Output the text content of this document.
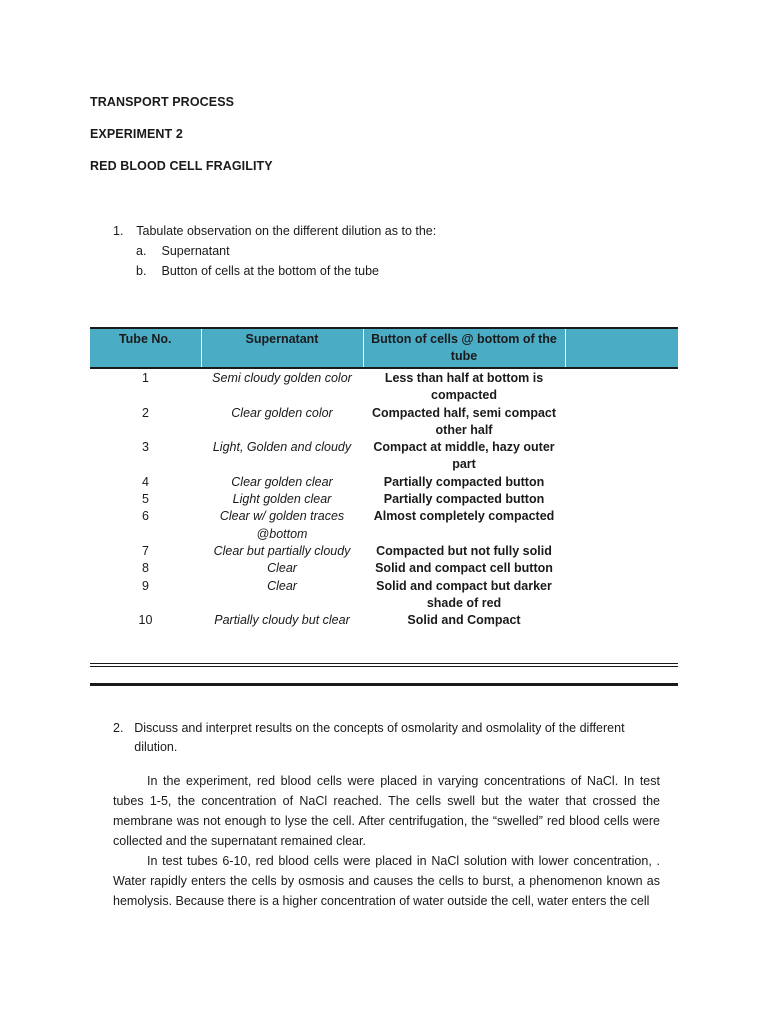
TRANSPORT PROCESS
EXPERIMENT 2
RED BLOOD CELL FRAGILITY
1. Tabulate observation on the different dilution as to the:
a. Supernatant
b. Button of cells at the bottom of the tube
Tube No.	Supernatant	Button of cells @ bottom of the tube	
1	Semi cloudy golden color	Less than half at bottom is compacted	
2	Clear golden color	Compacted half, semi compact other half	
3	Light, Golden and cloudy	Compact at middle, hazy outer part	
4	Clear golden clear	Partially compacted button	
5	Light golden clear	Partially compacted button	
6	Clear w/ golden traces @bottom	Almost completely compacted	
7	Clear but partially cloudy	Compacted but not fully solid	
8	Clear	Solid and compact cell button	
9	Clear	Solid and compact but darker shade of red	
10	Partially cloudy but clear	Solid and Compact	
2. Discuss and interpret results on the concepts of osmolarity and osmolality of the different dilution.
In the experiment, red blood cells were placed in varying concentrations of NaCl. In test tubes 1-5, the concentration of NaCl reached. The cells swell but the water that crossed the membrane was not enough to lyse the cell. After centrifugation, the “swelled” red blood cells were collected and the supernatant remained clear.
In test tubes 6-10, red blood cells were placed in NaCl solution with lower concentration, . Water rapidly enters the cells by osmosis and causes the cells to burst, a phenomenon known as hemolysis. Because there is a higher concentration of water outside the cell, water enters the cell
